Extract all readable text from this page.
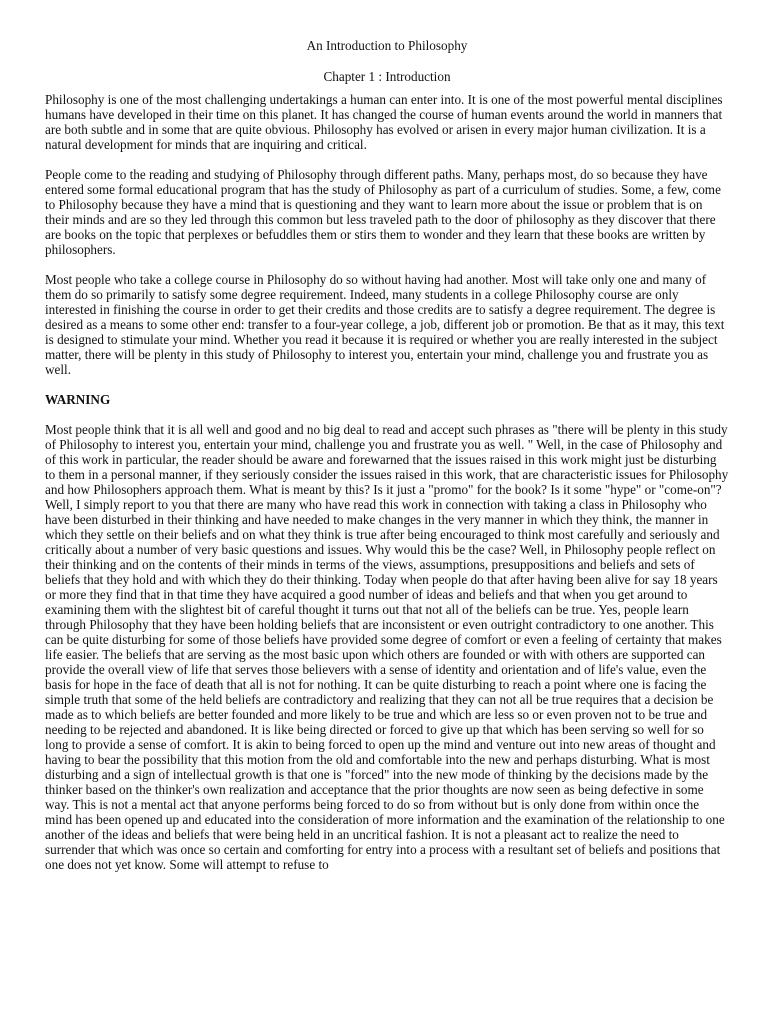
An Introduction to Philosophy
Chapter 1 : Introduction

Philosophy is one of the most challenging undertakings a human can enter into. It is one of the most powerful mental disciplines humans have developed in their time on this planet. It has changed the course of human events around the world in manners that are both subtle and in some that are quite obvious. Philosophy has evolved or arisen in every major human civilization. It is a natural development for minds that are inquiring and critical.

People come to the reading and studying of Philosophy through different paths. Many, perhaps most, do so because they have entered some formal educational program that has the study of Philosophy as part of a curriculum of studies. Some, a few, come to Philosophy because they have a mind that is questioning and they want to learn more about the issue or problem that is on their minds and are so they led through this common but less traveled path to the door of philosophy as they discover that there are books on the topic that perplexes or befuddles them or stirs them to wonder and they learn that these books are written by philosophers.

Most people who take a college course in Philosophy do so without having had another. Most will take only one and many of them do so primarily to satisfy some degree requirement. Indeed, many students in a college Philosophy course are only interested in finishing the course in order to get their credits and those credits are to satisfy a degree requirement. The degree is desired as a means to some other end: transfer to a four-year college, a job, different job or promotion. Be that as it may, this text is designed to stimulate your mind. Whether you read it because it is required or whether you are really interested in the subject matter, there will be plenty in this study of Philosophy to interest you, entertain your mind, challenge you and frustrate you as well.

WARNING

Most people think that it is all well and good and no big deal to read and accept such phrases as "there will be plenty in this study of Philosophy to interest you, entertain your mind, challenge you and frustrate you as well. " Well, in the case of Philosophy and of this work in particular, the reader should be aware and forewarned that the issues raised in this work might just be disturbing to them in a personal manner, if they seriously consider the issues raised in this work, that are characteristic issues for Philosophy and how Philosophers approach them. What is meant by this? Is it just a "promo" for the book? Is it some "hype" or "come-on"? Well, I simply report to you that there are many who have read this work in connection with taking a class in Philosophy who have been disturbed in their thinking and have needed to make changes in the very manner in which they think, the manner in which they settle on their beliefs and on what they think is true after being encouraged to think most carefully and seriously and critically about a number of very basic questions and issues. Why would this be the case? Well, in Philosophy people reflect on their thinking and on the contents of their minds in terms of the views, assumptions, presuppositions and beliefs and sets of beliefs that they hold and with which they do their thinking. Today when people do that after having been alive for say 18 years or more they find that in that time they have acquired a good number of ideas and beliefs and that when you get around to examining them with the slightest bit of careful thought it turns out that not all of the beliefs can be true. Yes, people learn through Philosophy that they have been holding beliefs that are inconsistent or even outright contradictory to one another. This can be quite disturbing for some of those beliefs have provided some degree of comfort or even a feeling of certainty that makes life easier. The beliefs that are serving as the most basic upon which others are founded or with with others are supported can provide the overall view of life that serves those believers with a sense of identity and orientation and of life's value, even the basis for hope in the face of death that all is not for nothing. It can be quite disturbing to reach a point where one is facing the simple truth that some of the held beliefs are contradictory and realizing that they can not all be true requires that a decision be made as to which beliefs are better founded and more likely to be true and which are less so or even proven not to be true and needing to be rejected and abandoned. It is like being directed or forced to give up that which has been serving so well for so long to provide a sense of comfort. It is akin to being forced to open up the mind and venture out into new areas of thought and having to bear the possibility that this motion from the old and comfortable into the new and perhaps disturbing. What is most disturbing and a sign of intellectual growth is that one is "forced" into the new mode of thinking by the decisions made by the thinker based on the thinker's own realization and acceptance that the prior thoughts are now seen as being defective in some way. This is not a mental act that anyone performs being forced to do so from without but is only done from within once the mind has been opened up and educated into the consideration of more information and the examination of the relationship to one another of the ideas and beliefs that were being held in an uncritical fashion. It is not a pleasant act to realize the need to surrender that which was once so certain and comforting for entry into a process with a resultant set of beliefs and positions that one does not yet know. Some will attempt to refuse to
